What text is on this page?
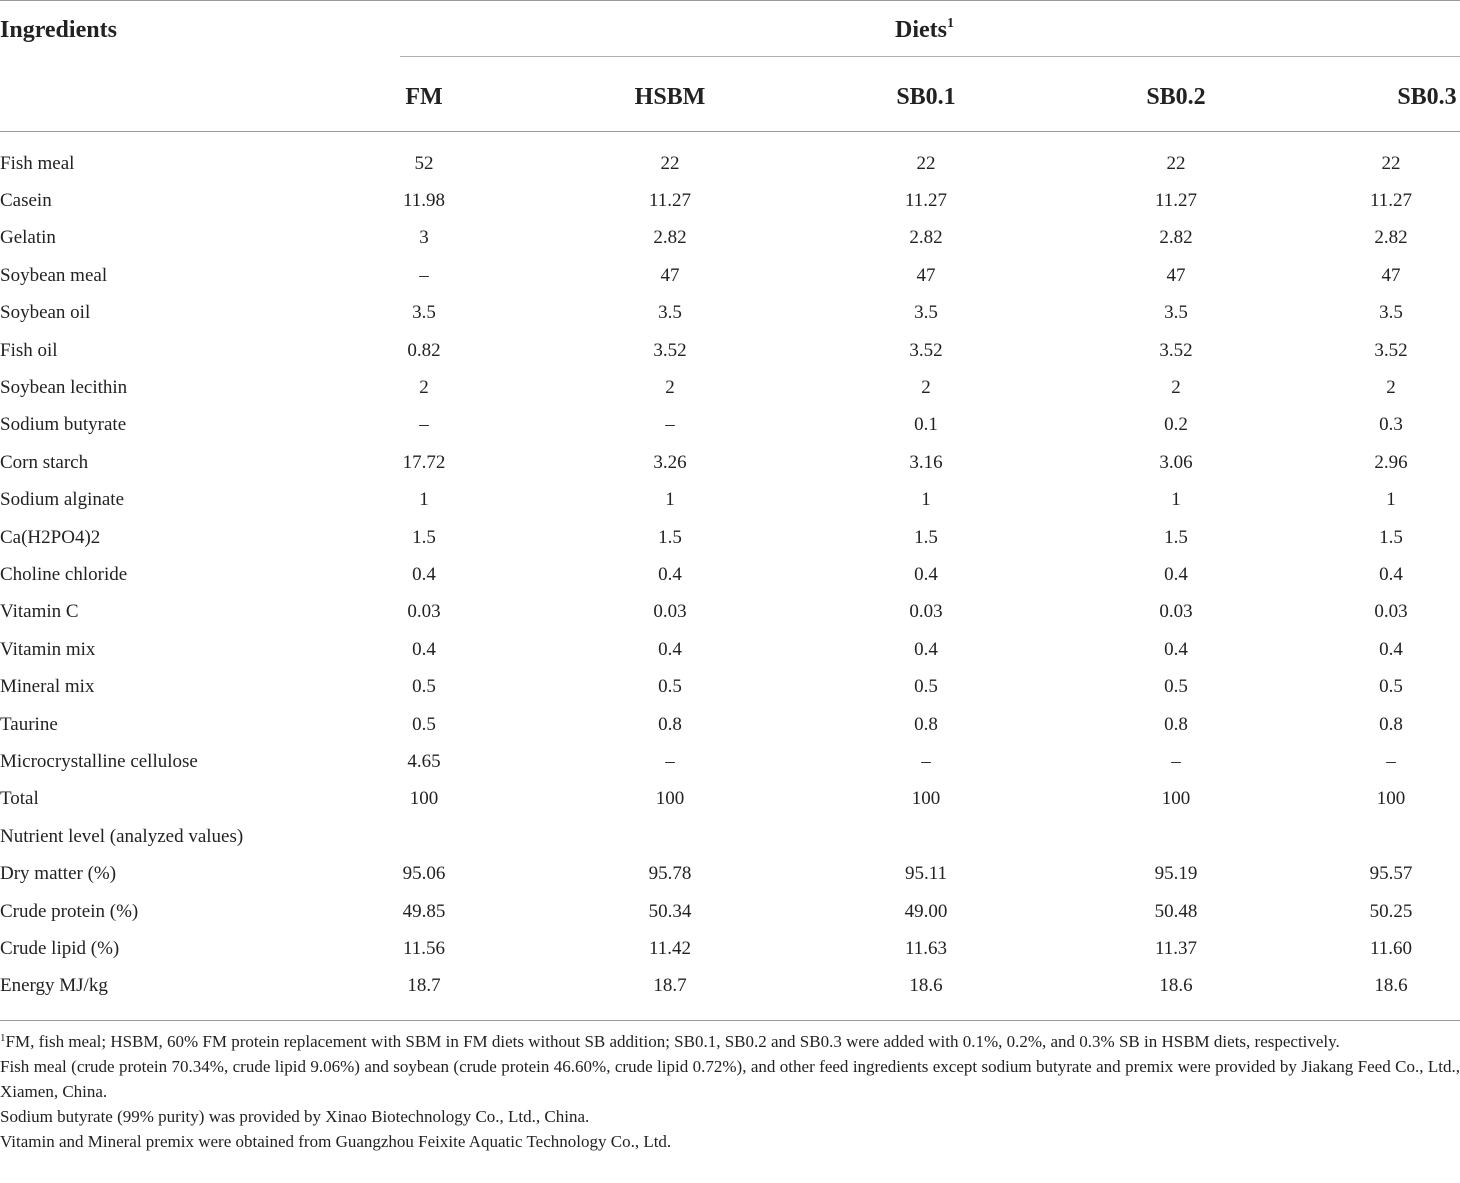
Ingredients	Diets$^1$
FM	HSBM	SB0.1	SB0.2	SB0.3
Fish meal	52	22	22	22	22
Casein	11.98	11.27	11.27	11.27	11.27
Gelatin	3	2.82	2.82	2.82	2.82
Soybean meal	–	47	47	47	47
Soybean oil	3.5	3.5	3.5	3.5	3.5
Fish oil	0.82	3.52	3.52	3.52	3.52
Soybean lecithin	2	2	2	2	2
Sodium butyrate	–	–	0.1	0.2	0.3
Corn starch	17.72	3.26	3.16	3.06	2.96
Sodium alginate	1	1	1	1	1
Ca(H2PO4)2	1.5	1.5	1.5	1.5	1.5
Choline chloride	0.4	0.4	0.4	0.4	0.4
Vitamin C	0.03	0.03	0.03	0.03	0.03
Vitamin mix	0.4	0.4	0.4	0.4	0.4
Mineral mix	0.5	0.5	0.5	0.5	0.5
Taurine	0.5	0.8	0.8	0.8	0.8
Microcrystalline cellulose	4.65	–	–	–	–
Total	100	100	100	100	100
Nutrient level (analyzed values)					
Dry matter (%)	95.06	95.78	95.11	95.19	95.57
Crude protein (%)	49.85	50.34	49.00	50.48	50.25
Crude lipid (%)	11.56	11.42	11.63	11.37	11.60
Energy MJ/kg	18.7	18.7	18.6	18.6	18.6

$^1$FM, fish meal; HSBM, 60% FM protein replacement with SBM in FM diets without SB addition; SB0.1, SB0.2 and SB0.3 were added with 0.1%, 0.2%, and 0.3% SB in HSBM diets, respectively.

Fish meal (crude protein 70.34%, crude lipid 9.06%) and soybean (crude protein 46.60%, crude lipid 0.72%), and other feed ingredients except sodium butyrate and premix were provided by Jiakang Feed Co., Ltd., Xiamen, China.

Sodium butyrate (99% purity) was provided by Xinao Biotechnology Co., Ltd., China.

Vitamin and Mineral premix were obtained from Guangzhou Feixite Aquatic Technology Co., Ltd.
